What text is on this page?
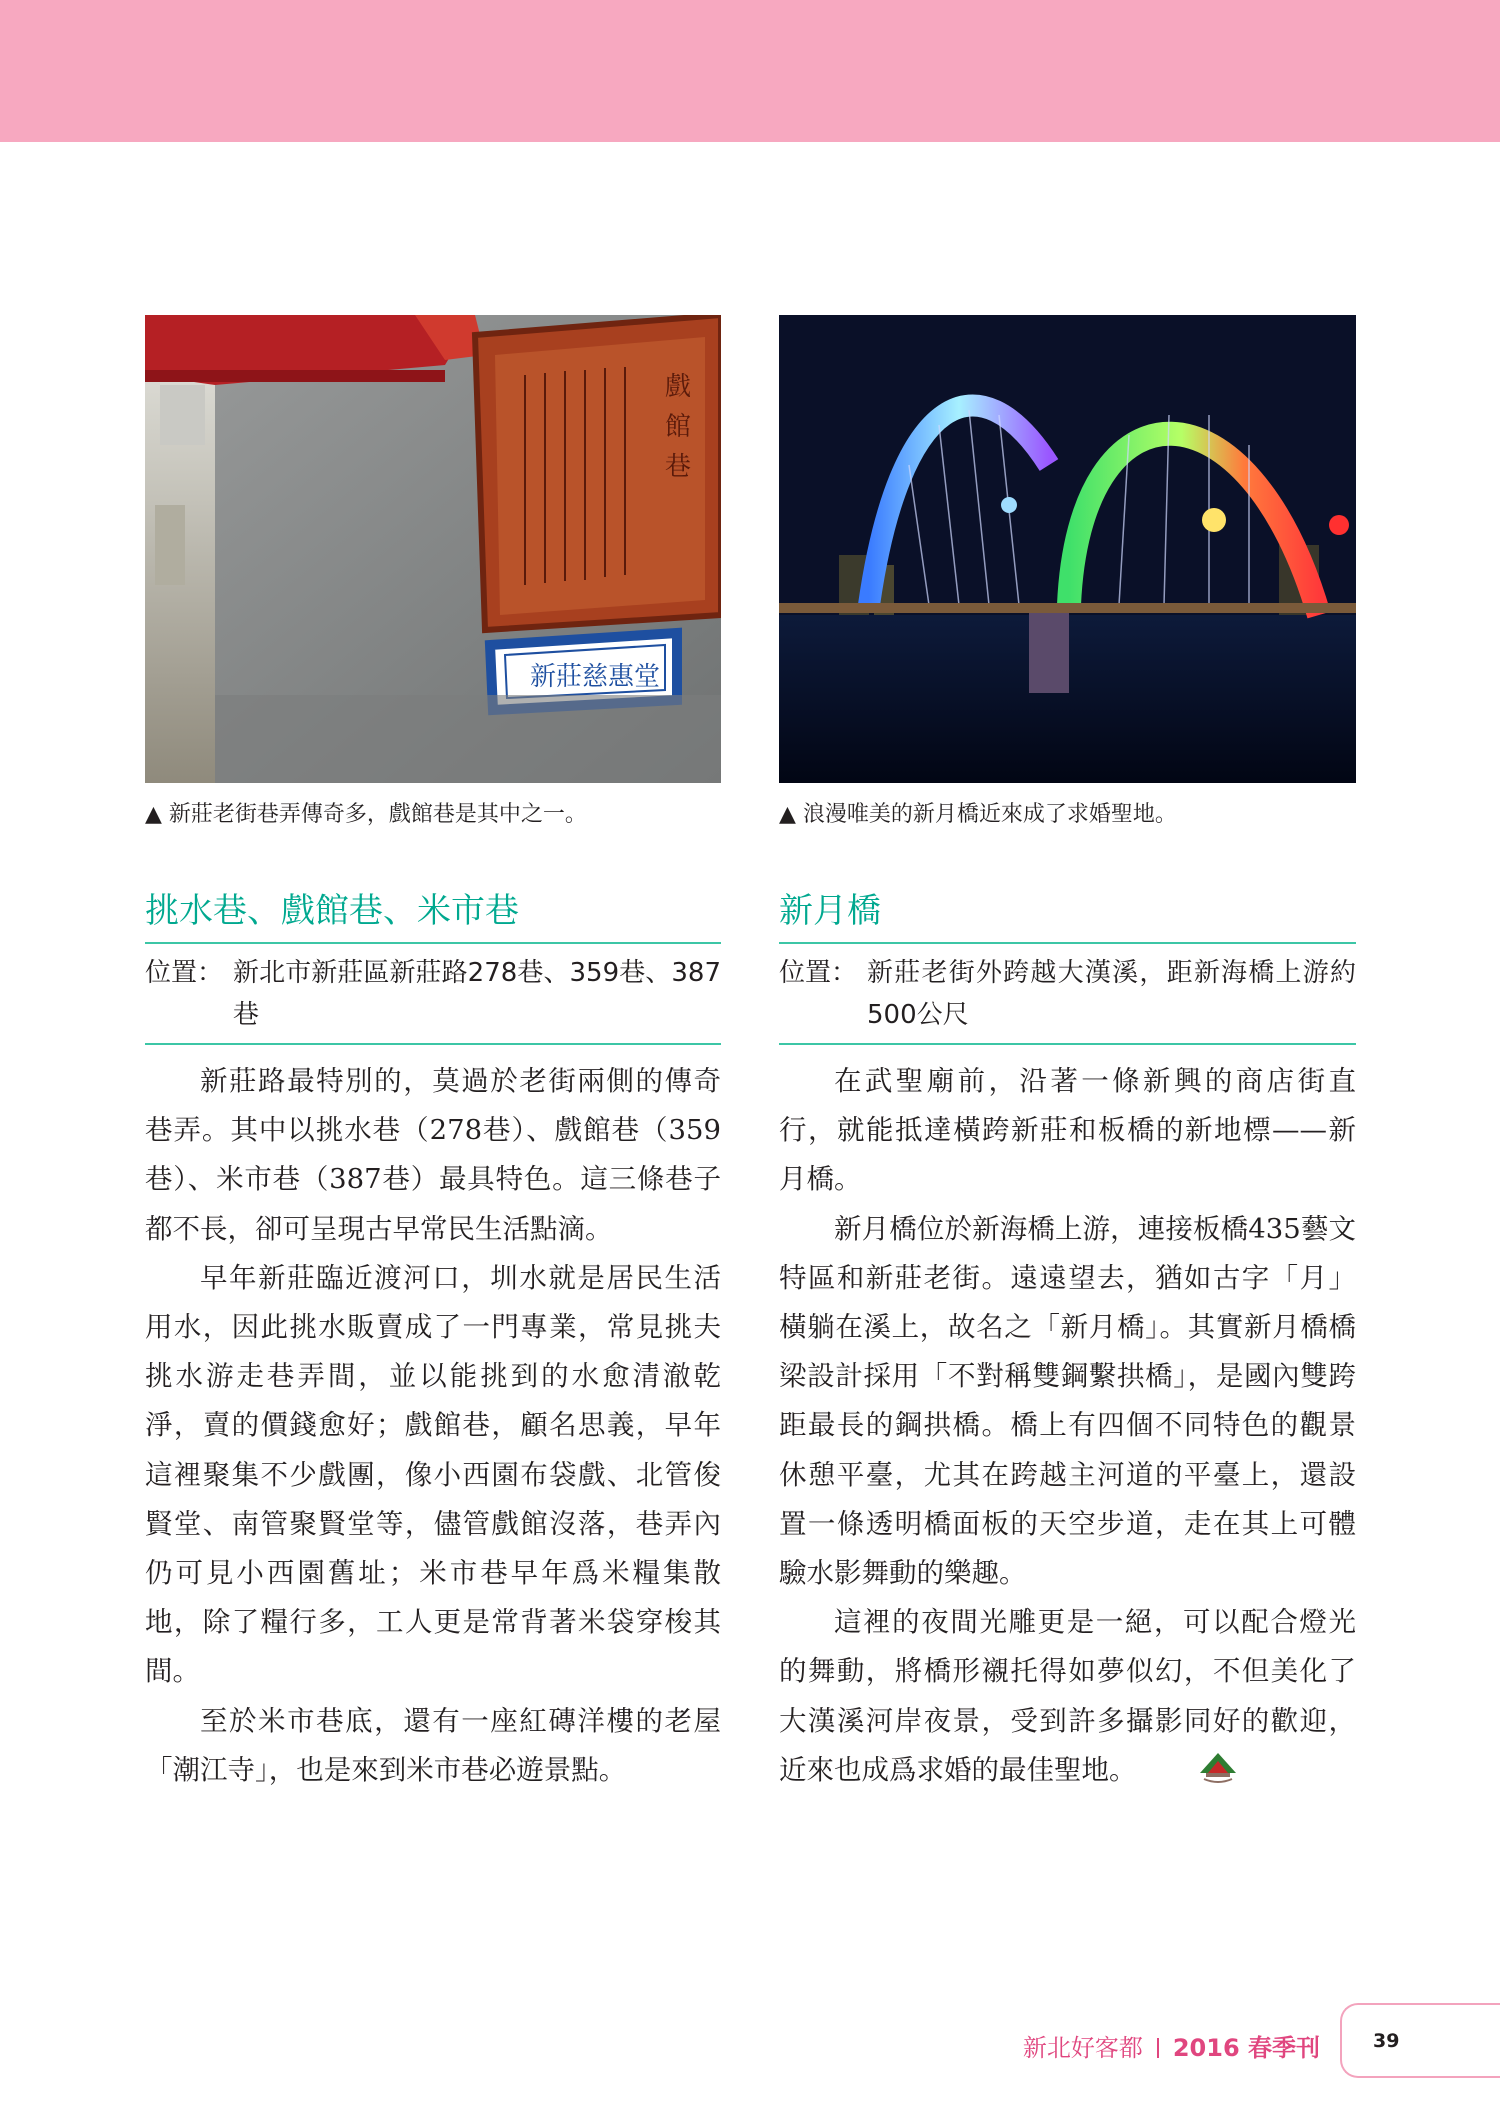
戲
館
巷
新莊慈惠堂
▲ 新莊老街巷弄傳奇多，戲館巷是其中之一。	▲ 浪漫唯美的新月橋近來成了求婚聖地。
挑水巷、戲館巷、米市巷	新月橋
位置： 新北市新莊區新莊路278巷、359巷、387巷
位置： 新莊老街外跨越大漢溪，距新海橋上游約500公尺

新莊路最特別的，莫過於老街兩側的傳奇巷弄。其中以挑水巷（278巷）、戲館巷（359巷）、米市巷（387巷）最具特色。這三條巷子都不長，卻可呈現古早常民生活點滴。

早年新莊臨近渡河口，圳水就是居民生活用水，因此挑水販賣成了一門專業，常見挑夫挑水游走巷弄間，並以能挑到的水愈清澈乾淨，賣的價錢愈好；戲館巷，顧名思義，早年這裡聚集不少戲團，像小西園布袋戲、北管俊賢堂、南管聚賢堂等，儘管戲館沒落，巷弄內仍可見小西園舊址；米市巷早年爲米糧集散地，除了糧行多，工人更是常背著米袋穿梭其間。

至於米市巷底，還有一座紅磚洋樓的老屋「潮江寺」，也是來到米市巷必遊景點。

在武聖廟前，沿著一條新興的商店街直行，就能抵達橫跨新莊和板橋的新地標——新月橋。

新月橋位於新海橋上游，連接板橋435藝文特區和新莊老街。遠遠望去，猶如古字「月」橫躺在溪上，故名之「新月橋」。其實新月橋橋梁設計採用「不對稱雙鋼繫拱橋」，是國內雙跨距最長的鋼拱橋。橋上有四個不同特色的觀景休憩平臺，尤其在跨越主河道的平臺上，還設置一條透明橋面板的天空步道，走在其上可體驗水影舞動的樂趣。

這裡的夜間光雕更是一絕，可以配合燈光的舞動，將橋形襯托得如夢似幻，不但美化了大漢溪河岸夜景，受到許多攝影同好的歡迎，近來也成爲求婚的最佳聖地。

新北好客都 2016 春季刊	39
